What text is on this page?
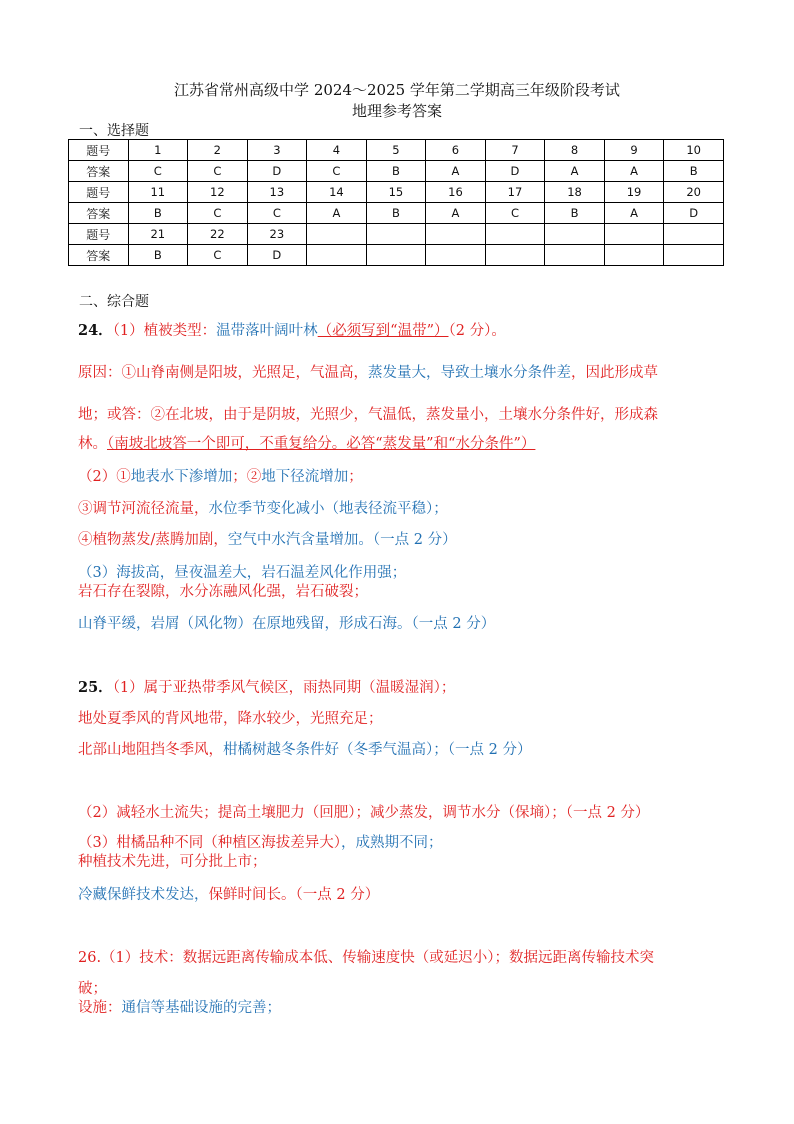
江苏省常州高级中学 2024～2025 学年第二学期高三年级阶段考试
地理参考答案
一、选择题
题号	1	2	3	4	5	6	7	8	9	10
答案	C	C	D	C	B	A	D	A	A	B
题号	11	12	13	14	15	16	17	18	19	20
答案	B	C	C	A	B	A	C	B	A	D
题号	21	22	23							
答案	B	C	D							
二、综合题
24．（1）植被类型：温带落叶阔叶林（必须写到“温带”）（2 分）。
原因：①山脊南侧是阳坡，光照足，气温高，蒸发量大，导致土壤水分条件差，因此形成草
地；或答：②在北坡，由于是阴坡，光照少，气温低，蒸发量小，土壤水分条件好，形成森
林。（南坡北坡答一个即可，不重复给分。必答“蒸发量”和“水分条件”）
（2）①地表水下渗增加；②地下径流增加；
③调节河流径流量，水位季节变化减小（地表径流平稳）；
④植物蒸发/蒸腾加剧，空气中水汽含量增加。（一点 2 分）
（3）海拔高，昼夜温差大，岩石温差风化作用强；
岩石存在裂隙，水分冻融风化强，岩石破裂；
山脊平缓，岩屑（风化物）在原地残留，形成石海。（一点 2 分）
25．（1）属于亚热带季风气候区，雨热同期（温暖湿润）；
地处夏季风的背风地带，降水较少，光照充足；
北部山地阻挡冬季风，柑橘树越冬条件好（冬季气温高）；（一点 2 分）
（2）减轻水土流失；提高土壤肥力（回肥）；减少蒸发，调节水分（保墒）；（一点 2 分）
（3）柑橘品种不同（种植区海拔差异大），成熟期不同；
种植技术先进，可分批上市；
冷藏保鲜技术发达，保鲜时间长。（一点 2 分）
26.（1）技术：数据远距离传输成本低、传输速度快（或延迟小）；数据远距离传输技术突
破；
设施：通信等基础设施的完善；
